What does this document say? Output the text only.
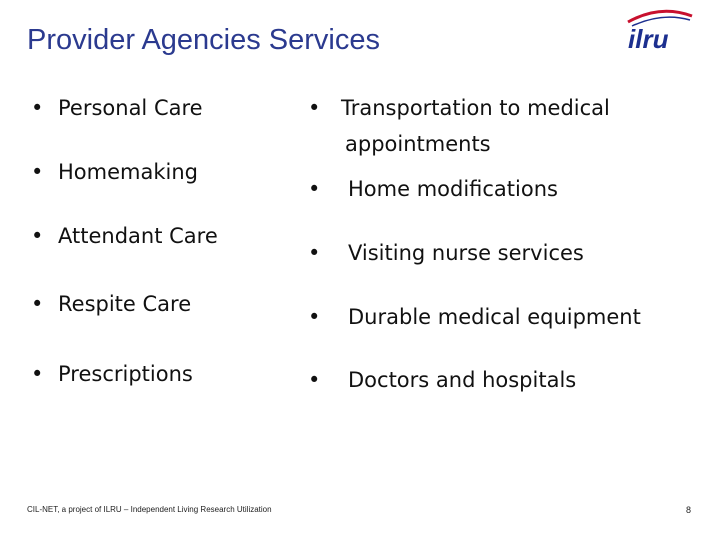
Provider Agencies Services	ilru
• Personal Care
• Homemaking
• Attendant Care
• Respite Care
• Prescriptions
• Transportation to medical
appointments
• Home modifications
• Visiting nurse services
• Durable medical equipment
• Doctors and hospitals
CIL-NET, a project of ILRU – Independent Living Research Utilization	8
